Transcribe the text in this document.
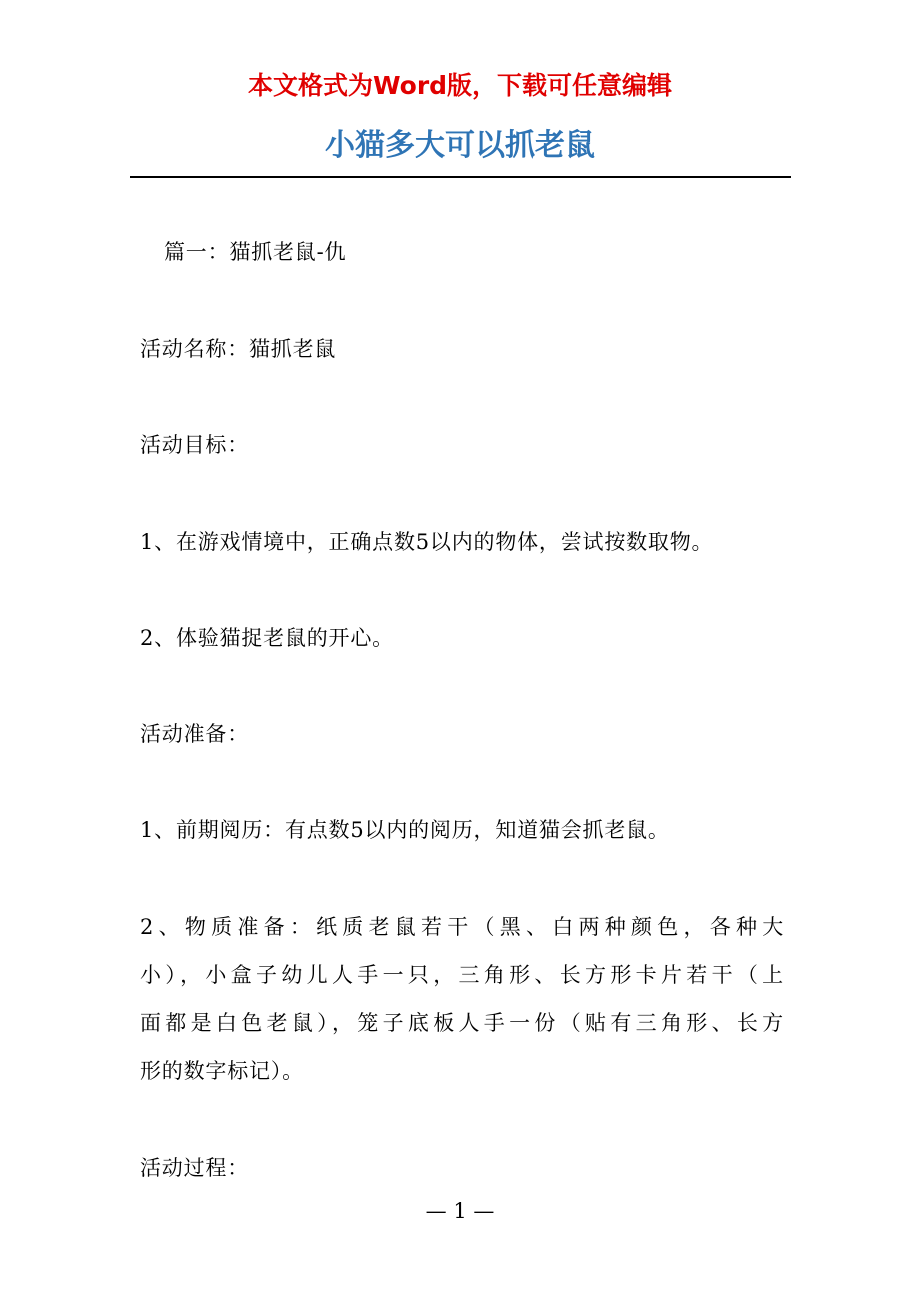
本文格式为Word版，下载可任意编辑
小猫多大可以抓老鼠
篇一：猫抓老鼠-仇
活动名称：猫抓老鼠
活动目标：
1、在游戏情境中，正确点数5以内的物体，尝试按数取物。
2、体验猫捉老鼠的开心。
活动准备：
1、前期阅历：有点数5以内的阅历，知道猫会抓老鼠。
2、物质准备：纸质老鼠若干（黑、白两种颜色，各种大
小），小盒子幼儿人手一只，三角形、长方形卡片若干（上
面都是白色老鼠），笼子底板人手一份（贴有三角形、长方
形的数字标记）。
活动过程：
— 1 —
